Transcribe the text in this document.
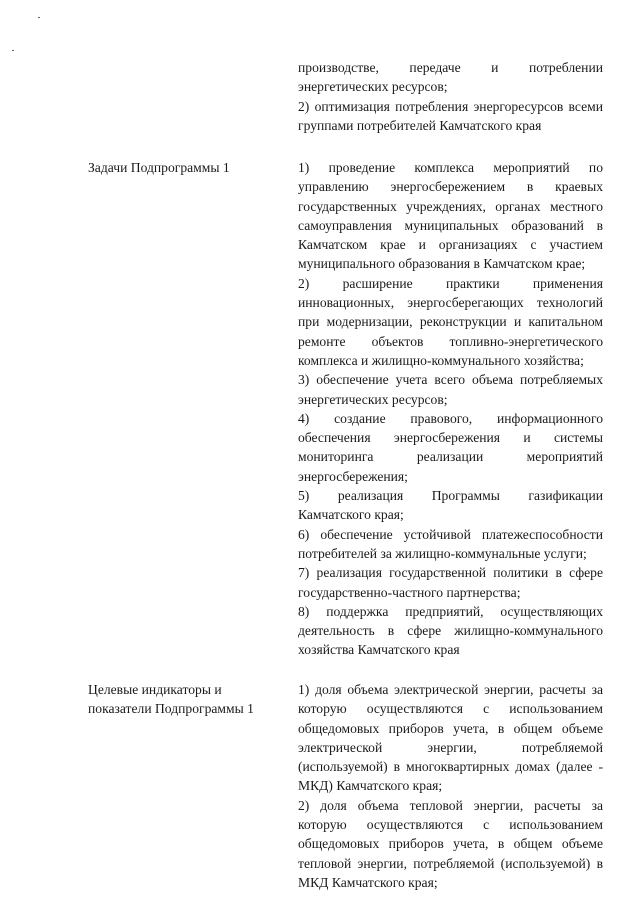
производстве, передаче и потреблении энергетических ресурсов;

2) оптимизация потребления энергоресурсов всеми группами потребителей Камчатского края

Задачи Подпрограммы 1	1) проведение комплекса мероприятий по управлению энергосбережением в краевых государственных учреждениях, органах местного самоуправления муниципальных образований в Камчатском крае и организациях с участием муниципального образования в Камчатском крае;

2) расширение практики применения инновационных, энергосберегающих технологий при модернизации, реконструкции и капитальном ремонте объектов топливно-энергетического комплекса и жилищно-коммунального хозяйства;

3) обеспечение учета всего объема потребляемых энергетических ресурсов;

4) создание правового, информационного обеспечения энергосбережения и системы мониторинга реализации мероприятий энергосбережения;

5) реализация Программы газификации Камчатского края;

6) обеспечение устойчивой платежеспособности потребителей за жилищно-коммунальные услуги;

7) реализация государственной политики в сфере государственно-частного партнерства;

8) поддержка предприятий, осуществляющих деятельность в сфере жилищно-коммунального хозяйства Камчатского края

Целевые индикаторы и показатели Подпрограммы 1

1) доля объема электрической энергии, расчеты за которую осуществляются с использованием общедомовых приборов учета, в общем объеме электрической энергии, потребляемой (используемой) в многоквартирных домах (далее - МКД) Камчатского края;

2) доля объема тепловой энергии, расчеты за которую осуществляются с использованием общедомовых приборов учета, в общем объеме тепловой энергии, потребляемой (используемой) в МКД Камчатского края;
